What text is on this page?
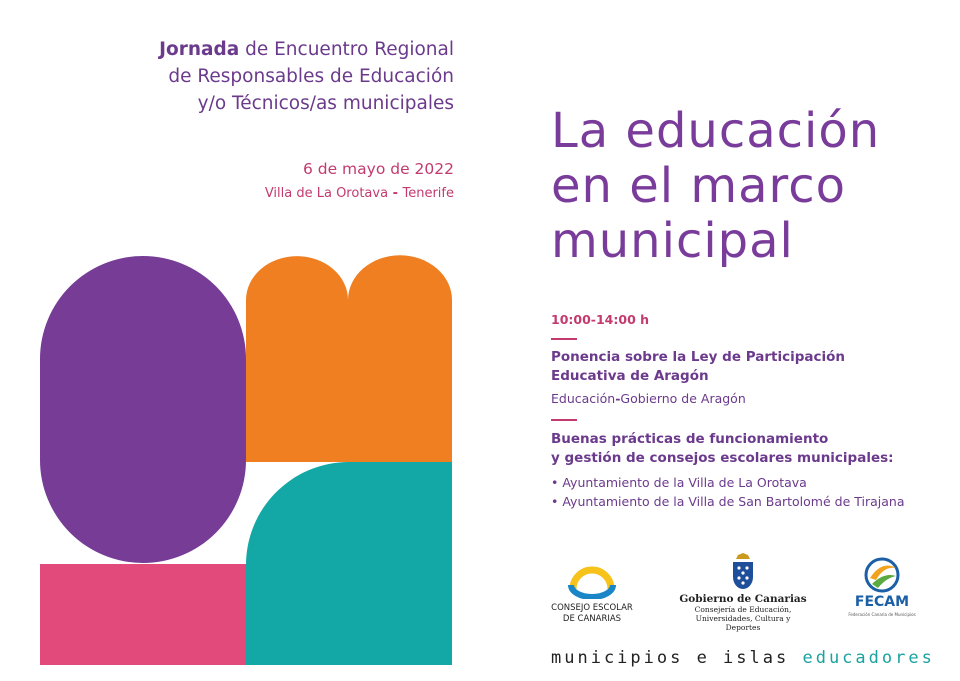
Jornada de Encuentro Regional
de Responsables de Educación
y/o Técnicos/as municipales
6 de mayo de 2022
Villa de La Orotava - Tenerife
La educación
en el marco
municipal
10:00-14:00 h
Ponencia sobre la Ley de Participación
Educativa de Aragón
Educación-Gobierno de Aragón
Buenas prácticas de funcionamiento
y gestión de consejos escolares municipales:
• Ayuntamiento de la Villa de La Orotava
• Ayuntamiento de la Villa de San Bartolomé de Tirajana
CONSEJO ESCOLAR
DE CANARIAS
Gobierno de Canarias
Consejería de Educación,
Universidades, Cultura y Deportes
FECAM
Federación Canaria de Municipios
municipios e islas educadores
